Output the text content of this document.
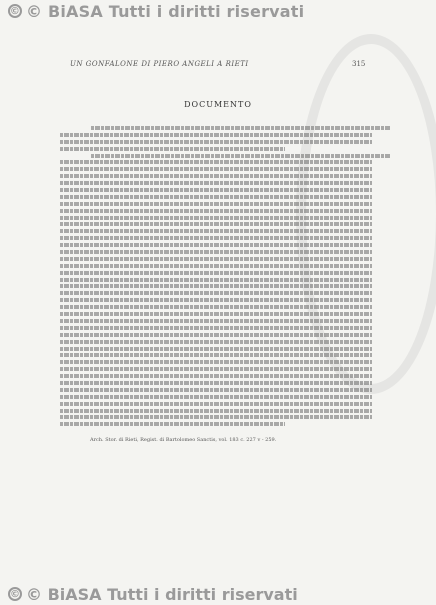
© © BiASA Tutti i diritti riservati
UN GONFALONE DI PIERO ANGELI A RIETI	315
DOCUMENTO

Arch. Stor. di Rieti, Regist. di Bartolomeo Sanctis, vol. 183 c. 227 v - 259.
© © BiASA Tutti i diritti riservati
